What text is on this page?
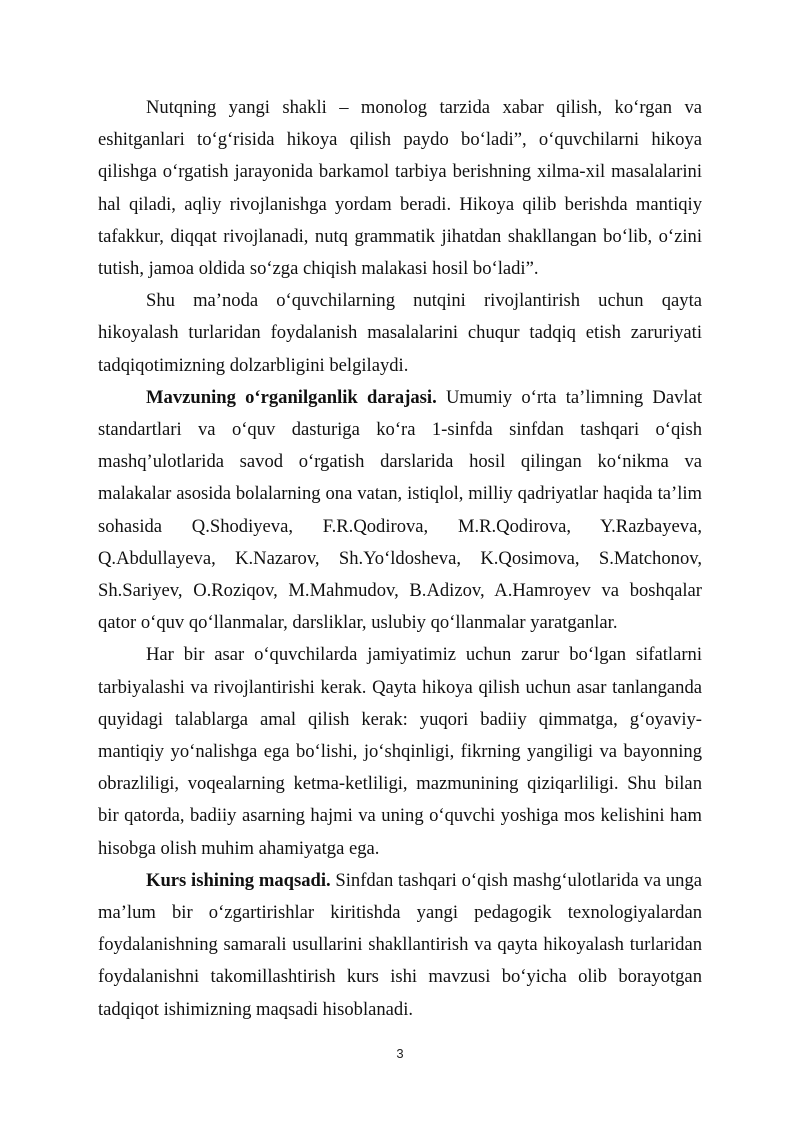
Nutqning yangi shakli – monolog tarzida xabar qilish, ko‘rgan va eshitganlari to‘g‘risida hikoya qilish paydo bo‘ladi”, o‘quvchilarni hikoya qilishga o‘rgatish jarayonida barkamol tarbiya berishning xilma-xil masalalarini hal qiladi, aqliy rivojlanishga yordam beradi. Hikoya qilib berishda mantiqiy tafakkur, diqqat rivojlanadi, nutq grammatik jihatdan shakllangan bo‘lib, o‘zini tutish, jamoa oldida so‘zga chiqish malakasi hosil bo‘ladi”.

Shu ma’noda o‘quvchilarning nutqini rivojlantirish uchun qayta hikoyalash turlaridan foydalanish masalalarini chuqur tadqiq etish zaruriyati tadqiqotimizning dolzarbligini belgilaydi.

Mavzuning o‘rganilganlik darajasi. Umumiy o‘rta ta’limning Davlat standartlari va o‘quv dasturiga ko‘ra 1-sinfda sinfdan tashqari o‘qish mashq’ulotlarida savod o‘rgatish darslarida hosil qilingan ko‘nikma va malakalar asosida bolalarning ona vatan, istiqlol, milliy qadriyatlar haqida ta’lim sohasida Q.Shodiyeva, F.R.Qodirova, M.R.Qodirova, Y.Razbayeva, Q.Abdullayeva, K.Nazarov, Sh.Yo‘ldosheva, K.Qosimova, S.Matchonov, Sh.Sariyev, O.Roziqov, M.Mahmudov, B.Adizov, A.Hamroyev va boshqalar qator o‘quv qo‘llanmalar, darsliklar, uslubiy qo‘llanmalar yaratganlar.

Har bir asar o‘quvchilarda jamiyatimiz uchun zarur bo‘lgan sifatlarni tarbiyalashi va rivojlantirishi kerak. Qayta hikoya qilish uchun asar tanlanganda quyidagi talablarga amal qilish kerak: yuqori badiiy qimmatga, g‘oyaviy-mantiqiy yo‘nalishga ega bo‘lishi, jo‘shqinligi, fikrning yangiligi va bayonning obrazliligi, voqealarning ketma-ketliligi, mazmunining qiziqarliligi. Shu bilan bir qatorda, badiiy asarning hajmi va uning o‘quvchi yoshiga mos kelishini ham hisobga olish muhim ahamiyatga ega.

Kurs ishining maqsadi. Sinfdan tashqari o‘qish mashg‘ulotlarida va unga ma’lum bir o‘zgartirishlar kiritishda yangi pedagogik texnologiyalardan foydalanishning samarali usullarini shakllantirish va qayta hikoyalash turlaridan foydalanishni takomillashtirish kurs ishi mavzusi bo‘yicha olib borayotgan tadqiqot ishimizning maqsadi hisoblanadi.

3
